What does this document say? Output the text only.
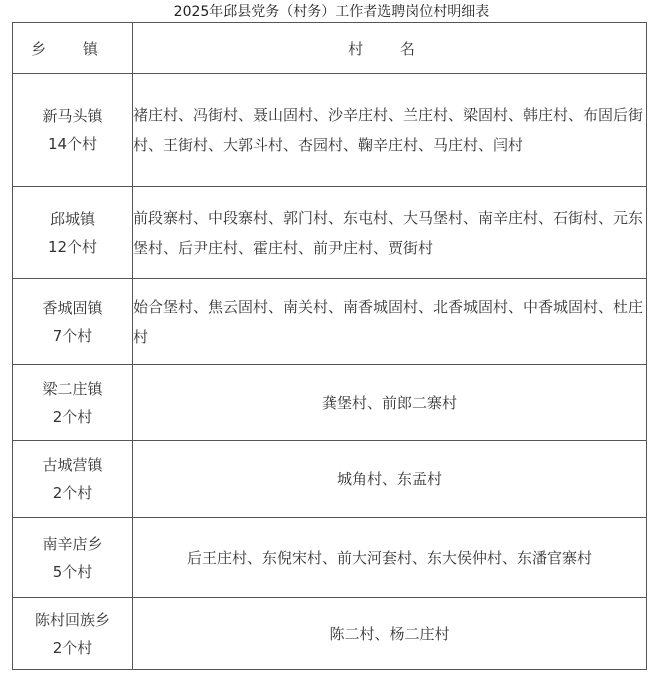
2025年邱县党务（村务）工作者选聘岗位村明细表
乡 镇	村 名
新马头镇
14个村	褚庄村、冯街村、聂山固村、沙辛庄村、兰庄村、梁固村、韩庄村、布固后街村、王街村、大郭斗村、杏园村、鞠辛庄村、马庄村、闫村
邱城镇
12个村	前段寨村、中段寨村、郭门村、东屯村、大马堡村、南辛庄村、石街村、元东堡村、后尹庄村、霍庄村、前尹庄村、贾街村
香城固镇
7个村	始合堡村、焦云固村、南关村、南香城固村、北香城固村、中香城固村、杜庄村
梁二庄镇
2个村	龚堡村、前郎二寨村
古城营镇
2个村	城角村、东孟村
南辛店乡
5个村	后王庄村、东倪宋村、前大河套村、东大侯仲村、东潘官寨村
陈村回族乡
2个村	陈二村、杨二庄村
